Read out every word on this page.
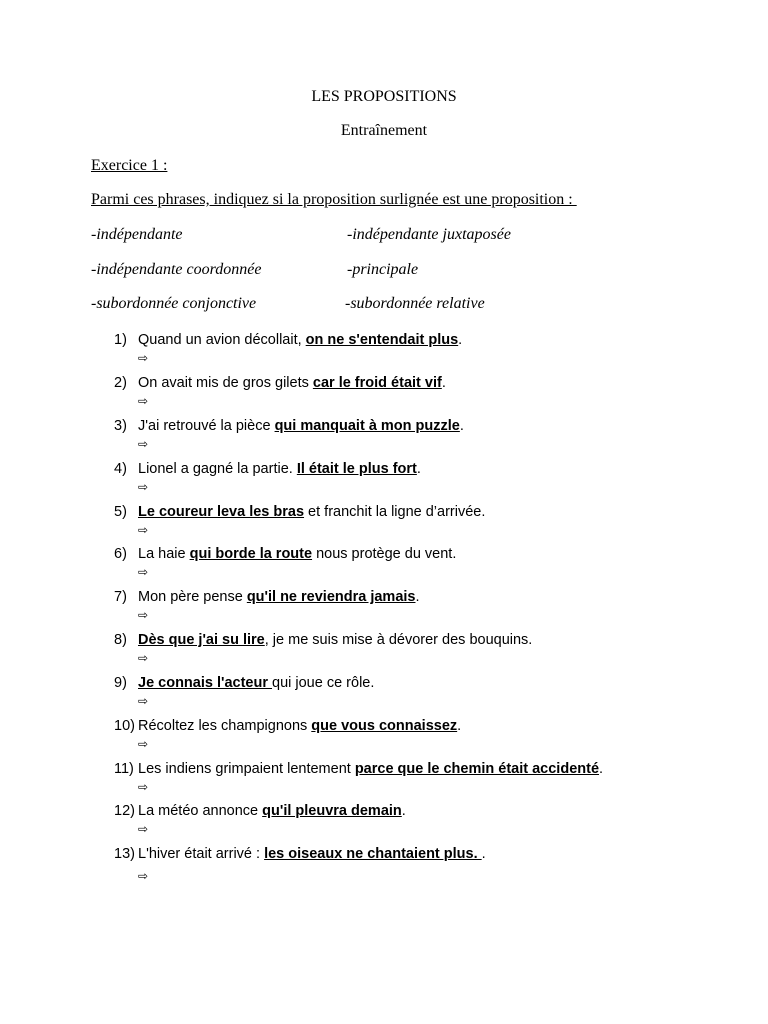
LES PROPOSITIONS
Entraînement
Exercice 1 :
Parmi ces phrases, indiquez si la proposition surlignée est une proposition :
-indépendante	-indépendante juxtaposée
-indépendante coordonnée	-principale
-subordonnée conjonctive	-subordonnée relative
1) Quand un avion décollait, on ne s'entendait plus.
⇨
2) On avait mis de gros gilets car le froid était vif.
⇨
3) J'ai retrouvé la pièce qui manquait à mon puzzle.
⇨
4) Lionel a gagné la partie. Il était le plus fort.
⇨
5) Le coureur leva les bras et franchit la ligne d’arrivée.
⇨
6) La haie qui borde la route nous protège du vent.
⇨
7) Mon père pense qu'il ne reviendra jamais.
⇨
8) Dès que j'ai su lire, je me suis mise à dévorer des bouquins.
⇨
9) Je connais l'acteur qui joue ce rôle.
⇨
10) Récoltez les champignons que vous connaissez.
⇨
11) Les indiens grimpaient lentement parce que le chemin était accidenté.
⇨
12) La météo annonce qu'il pleuvra demain.
⇨
13) L'hiver était arrivé : les oiseaux ne chantaient plus. .
⇨
